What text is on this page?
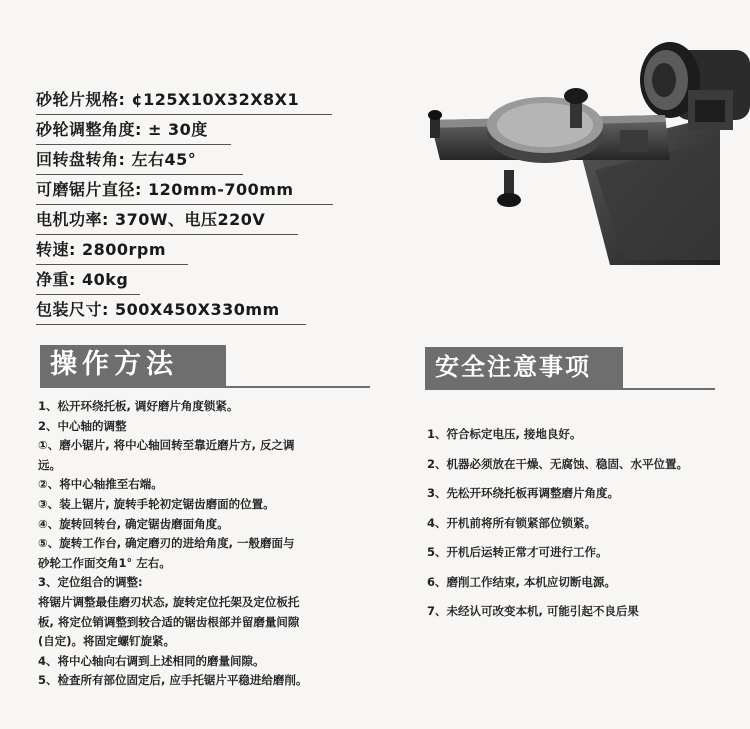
砂轮片规格: ¢125X10X32X8X1
砂轮调整角度: ± 30度
回转盘转角: 左右45°
可磨锯片直径: 120mm-700mm
电机功率: 370W、电压220V
转速: 2800rpm
净重: 40kg
包装尺寸: 500X450X330mm
操作方法	安全注意事项
1、松开环绕托板, 调好磨片角度锁紧。
2、中心轴的调整
①、磨小锯片, 将中心轴回转至靠近磨片方, 反之调
远。
②、将中心轴推至右端。
③、装上锯片, 旋转手轮初定锯齿磨面的位置。
④、旋转回转台, 确定锯齿磨面角度。
⑤、旋转工作台, 确定磨刃的进给角度, 一般磨面与
砂轮工作面交角1° 左右。
3、定位组合的调整:
将锯片调整最佳磨刃状态, 旋转定位托架及定位板托
板, 将定位销调整到较合适的锯齿根部并留磨量间隙
(自定)。将固定螺钉旋紧。
4、将中心轴向右调到上述相同的磨量间隙。
5、检查所有部位固定后, 应手托锯片平稳进给磨削。
1、符合标定电压, 接地良好。
2、机器必须放在干燥、无腐蚀、稳固、水平位置。
3、先松开环绕托板再调整磨片角度。
4、开机前将所有锁紧部位锁紧。
5、开机后运转正常才可进行工作。
6、磨削工作结束, 本机应切断电源。
7、未经认可改变本机, 可能引起不良后果
